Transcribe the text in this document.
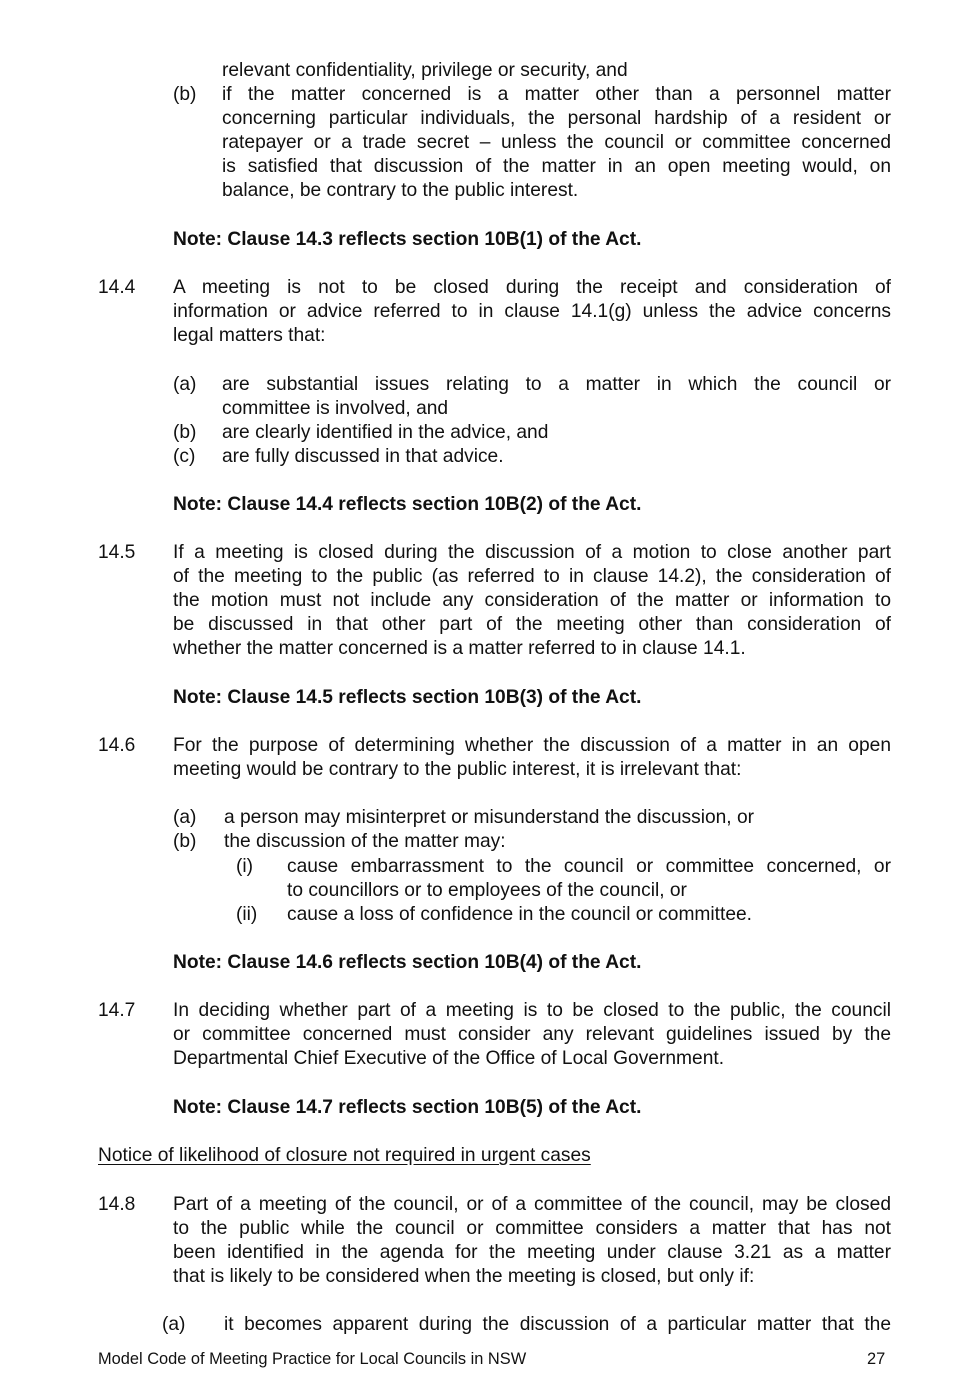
relevant confidentiality, privilege or security, and
(b) if the matter concerned is a matter other than a personnel matter
concerning particular individuals, the personal hardship of a resident or
ratepayer or a trade secret – unless the council or committee concerned
is satisfied that discussion of the matter in an open meeting would, on
balance, be contrary to the public interest.
Note: Clause 14.3 reflects section 10B(1) of the Act.
14.4 A meeting is not to be closed during the receipt and consideration of
information or advice referred to in clause 14.1(g) unless the advice concerns
legal matters that:
(a) are substantial issues relating to a matter in which the council or
committee is involved, and
(b) are clearly identified in the advice, and
(c) are fully discussed in that advice.
Note: Clause 14.4 reflects section 10B(2) of the Act.
14.5 If a meeting is closed during the discussion of a motion to close another part
of the meeting to the public (as referred to in clause 14.2), the consideration of
the motion must not include any consideration of the matter or information to
be discussed in that other part of the meeting other than consideration of
whether the matter concerned is a matter referred to in clause 14.1.
Note: Clause 14.5 reflects section 10B(3) of the Act.
14.6 For the purpose of determining whether the discussion of a matter in an open
meeting would be contrary to the public interest, it is irrelevant that:
(a) a person may misinterpret or misunderstand the discussion, or
(b) the discussion of the matter may:
(i) cause embarrassment to the council or committee concerned, or
to councillors or to employees of the council, or
(ii) cause a loss of confidence in the council or committee.
Note: Clause 14.6 reflects section 10B(4) of the Act.
14.7 In deciding whether part of a meeting is to be closed to the public, the council
or committee concerned must consider any relevant guidelines issued by the
Departmental Chief Executive of the Office of Local Government.
Note: Clause 14.7 reflects section 10B(5) of the Act.
Notice of likelihood of closure not required in urgent cases
14.8 Part of a meeting of the council, or of a committee of the council, may be closed
to the public while the council or committee considers a matter that has not
been identified in the agenda for the meeting under clause 3.21 as a matter
that is likely to be considered when the meeting is closed, but only if:
(a) it becomes apparent during the discussion of a particular matter that the
Model Code of Meeting Practice for Local Councils in NSW	27
